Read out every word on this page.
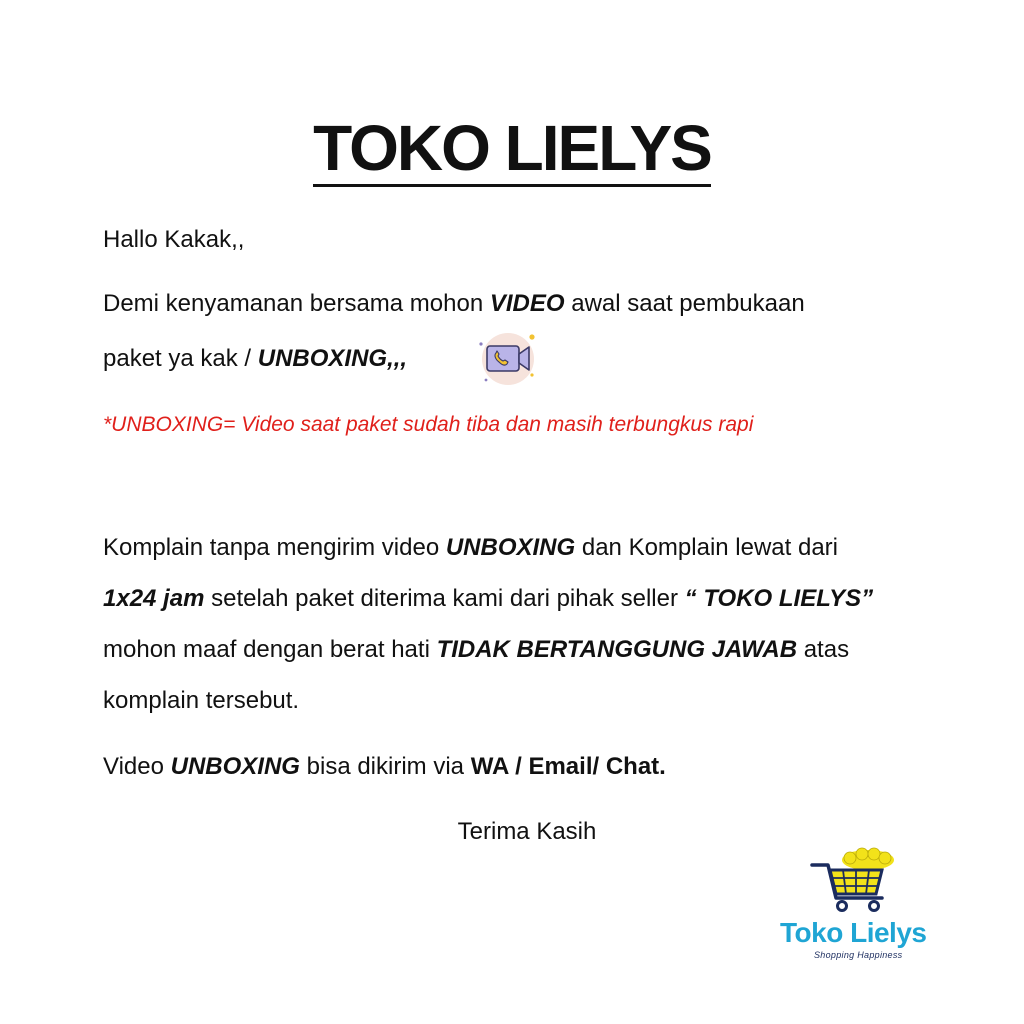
TOKO LIELYS
Hallo Kakak,,
Demi kenyamanan bersama mohon VIDEO awal saat pembukaan
paket ya kak / UNBOXING,,,
*UNBOXING= Video saat paket sudah tiba dan masih terbungkus rapi
Komplain tanpa mengirim video UNBOXING dan Komplain lewat dari
1x24 jam setelah paket diterima kami dari pihak seller “ TOKO LIELYS”
mohon maaf dengan berat hati TIDAK BERTANGGUNG JAWAB atas
komplain tersebut.
Video UNBOXING bisa dikirim via WA / Email/ Chat.
Terima Kasih
Toko Lielys
Shopping Happiness
